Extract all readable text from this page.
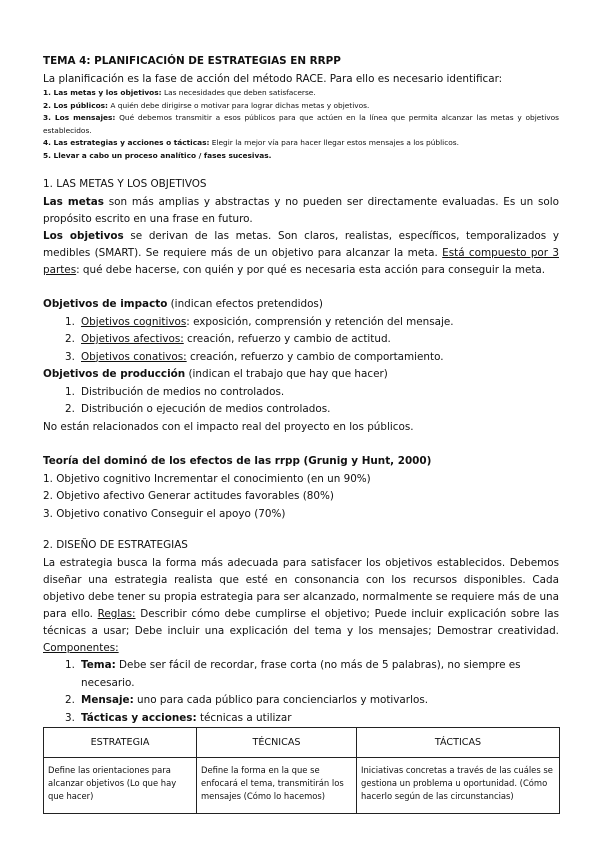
TEMA 4: PLANIFICACIÓN DE ESTRATEGIAS EN RRPP
La planificación es la fase de acción del método RACE. Para ello es necesario identificar:
1. Las metas y los objetivos: Las necesidades que deben satisfacerse.
2. Los públicos: A quién debe dirigirse o motivar para lograr dichas metas y objetivos.
3. Los mensajes: Qué debemos transmitir a esos públicos para que actúen en la línea que permita alcanzar las metas y objetivos establecidos.
4. Las estrategias y acciones o tácticas: Elegir la mejor vía para hacer llegar estos mensajes a los públicos.
5. Llevar a cabo un proceso analítico / fases sucesivas.
1. LAS METAS Y LOS OBJETIVOS

Las metas son más amplias y abstractas y no pueden ser directamente evaluadas. Es un solo propósito escrito en una frase en futuro.

Los objetivos se derivan de las metas. Son claros, realistas, específicos, temporalizados y medibles (SMART). Se requiere más de un objetivo para alcanzar la meta. Está compuesto por 3 partes: qué debe hacerse, con quién y por qué es necesaria esta acción para conseguir la meta.

Objetivos de impacto (indican efectos pretendidos)

1. Objetivos cognitivos: exposición, comprensión y retención del mensaje.
2. Objetivos afectivos: creación, refuerzo y cambio de actitud.
3. Objetivos conativos: creación, refuerzo y cambio de comportamiento.

Objetivos de producción (indican el trabajo que hay que hacer)

1. Distribución de medios no controlados.
2. Distribución o ejecución de medios controlados.

No están relacionados con el impacto real del proyecto en los públicos.

Teoría del dominó de los efectos de las rrpp (Grunig y Hunt, 2000)

1. Objetivo cognitivo Incrementar el conocimiento (en un 90%)

2. Objetivo afectivo Generar actitudes favorables (80%)

3. Objetivo conativo Conseguir el apoyo (70%)

2. DISEÑO DE ESTRATEGIAS

La estrategia busca la forma más adecuada para satisfacer los objetivos establecidos. Debemos diseñar una estrategia realista que esté en consonancia con los recursos disponibles. Cada objetivo debe tener su propia estrategia para ser alcanzado, normalmente se requiere más de una para ello. Reglas: Describir cómo debe cumplirse el objetivo; Puede incluir explicación sobre las técnicas a usar; Debe incluir una explicación del tema y los mensajes; Demostrar creatividad. Componentes:

1. Tema: Debe ser fácil de recordar, frase corta (no más de 5 palabras), no siempre es necesario.
2. Mensaje: uno para cada público para concienciarlos y motivarlos.
3. Tácticas y acciones: técnicas a utilizar
ESTRATEGIA	TÉCNICAS	TÁCTICAS
Define las orientaciones para alcanzar objetivos (Lo que hay que hacer)	Define la forma en la que se enfocará el tema, transmitirán los mensajes (Cómo lo hacemos)	Iniciativas concretas a través de las cuáles se gestiona un problema u oportunidad. (Cómo hacerlo según de las circunstancias)
